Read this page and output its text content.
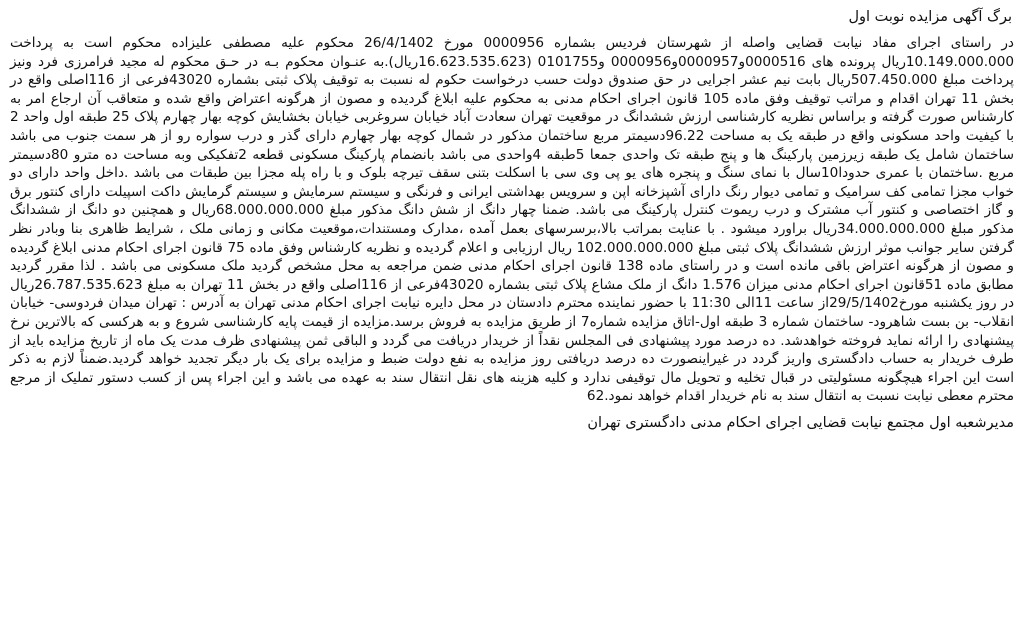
برگ آگهی مزایده نوبت اول

در راستای اجرای مفاد نیابت قضایی واصله از شهرستان فردیس بشماره 0000956 مورخ 26/4/1402 محکوم علیه مصطفی علیزاده محکوم است به پرداخت 10.149.000.000ریال پرونده های 0000516و0000957و0000956 و0101755 (16.623.535.623ریال).به عنـوان محکوم بـه در حـق محکوم له مجید فرامرزی فرد ونیز پرداخت مبلغ 507.450.000ریال بابت نیم عشر اجرایی در حق صندوق دولت حسب درخواست حکوم له نسبت به توقیف پلاک ثبتی بشماره 43020فرعی از 116اصلی واقع در بخش 11 تهران اقدام و مراتب توقیف وفق ماده 105 قانون اجرای احکام مدنی به محکوم علیه ابلاغ گردیده و مصون از هرگونه اعتراض واقع شده و متعاقب آن ارجاع امر به کارشناس صورت گرفته و براساس نظریه کارشناسی ارزش ششدانگ در موقعیت تهران سعادت آباد خیابان سروغربی خیابان بخشایش کوچه بهار چهارم پلاک 25 طبقه اول واحد 2 با کیفیت واحد مسکونی واقع در طبقه یک به مساحت 96.22دسیمتر مربع ساختمان مذکور در شمال کوچه بهار چهارم دارای گذر و درب سواره رو از هر سمت جنوب می باشد ساختمان شامل یک طبقه زیرزمین پارکینگ ها و پنج طبقه تک واحدی جمعا 5طبقه 4واحدی می باشد بانضمام پارکینگ مسکونی قطعه 2تفکیکی وبه مساحت ده مترو 80دسیمتر مربع .ساختمان با عمری حدودا10سال با نمای سنگ و پنجره های یو پی وی سی با اسکلت بتنی سقف تیرچه بلوک و با راه پله مجزا بین طبقات می باشد .داخل واحد دارای دو خواب مجزا تمامی کف سرامیک و تمامی دیوار رنگ دارای آشپزخانه اپن و سرویس بهداشتی ایرانی و فرنگی و سیستم سرمایش و سیستم گرمایش داکت اسپیلت دارای کنتور برق و گاز اختصاصی و کنتور آب مشترک و درب ریموت کنترل پارکینگ می باشد. ضمنا چهار دانگ از شش دانگ مذکور مبلغ 68.000.000.000ریال و همچنین دو دانگ از ششدانگ مذکور مبلغ 34.000.000.000ریال براورد میشود . با عنایت بمراتب بالا،برسرسهای بعمل آمده ،مدارک ومستندات،موقعیت مکانی و زمانی ملک ، شرایط ظاهری بنا وبادر نظر گرفتن سایر جوانب موثر ارزش ششدانگ پلاک ثبتی مبلغ 102.000.000.000 ریال ارزیابی و اعلام گردیده و نظریه کارشناس وفق ماده 75 قانون اجرای احکام مدنی ابلاغ گردیده و مصون از هرگونه اعتراض باقی مانده است و در راستای ماده 138 قانون اجرای احکام مدنی ضمن مراجعه به محل مشخص گردید ملک مسکونی می باشد . لذا مقرر گردید مطابق ماده 51قانون اجرای احکام مدنی میزان 1.576 دانگ از ملک مشاع پلاک ثبتی بشماره 43020فرعی از 116اصلی واقع در بخش 11 تهران به مبلغ 26.787.535.623ریال در روز یکشنبه مورخ29/5/1402از ساعت 11الی 11:30 با حضور نماینده محترم دادستان در محل دایره نیابت اجرای احکام مدنی تهران به آدرس : تهران میدان فردوسی- خیابان انقلاب- بن بست شاهرود- ساختمان شماره 3 طبقه اول-اتاق مزایده شماره7 از طریق مزایده به فروش برسد.مزایده از قیمت پایه کارشناسی شروع و به هرکسی که بالاترین نرخ پیشنهادی را ارائه نماید فروخته خواهدشد. ده درصد مورد پیشنهادی فی المجلس نقداً از خریدار دریافت می گردد و الباقی ثمن پیشنهادی ظرف مدت یک ماه از تاریخ مزایده باید از طرف خریدار به حساب دادگستری واریز گردد در غیراینصورت ده درصد دریافتی روز مزایده به نفع دولت ضبط و مزایده برای یک بار دیگر تجدید خواهد گردید.ضمناً لازم به ذکر است این اجراء هیچگونه مسئولیتی در قبال تخلیه و تحویل مال توقیفی ندارد و کلیه هزینه های نقل انتقال سند به عهده می باشد و این اجراء پس از کسب دستور تملیک از مرجع محترم معطی نیابت نسبت به انتقال سند به نام خریدار اقدام خواهد نمود.62

مدیرشعبه اول مجتمع نیابت قضایی اجرای احکام مدنی دادگستری تهران
